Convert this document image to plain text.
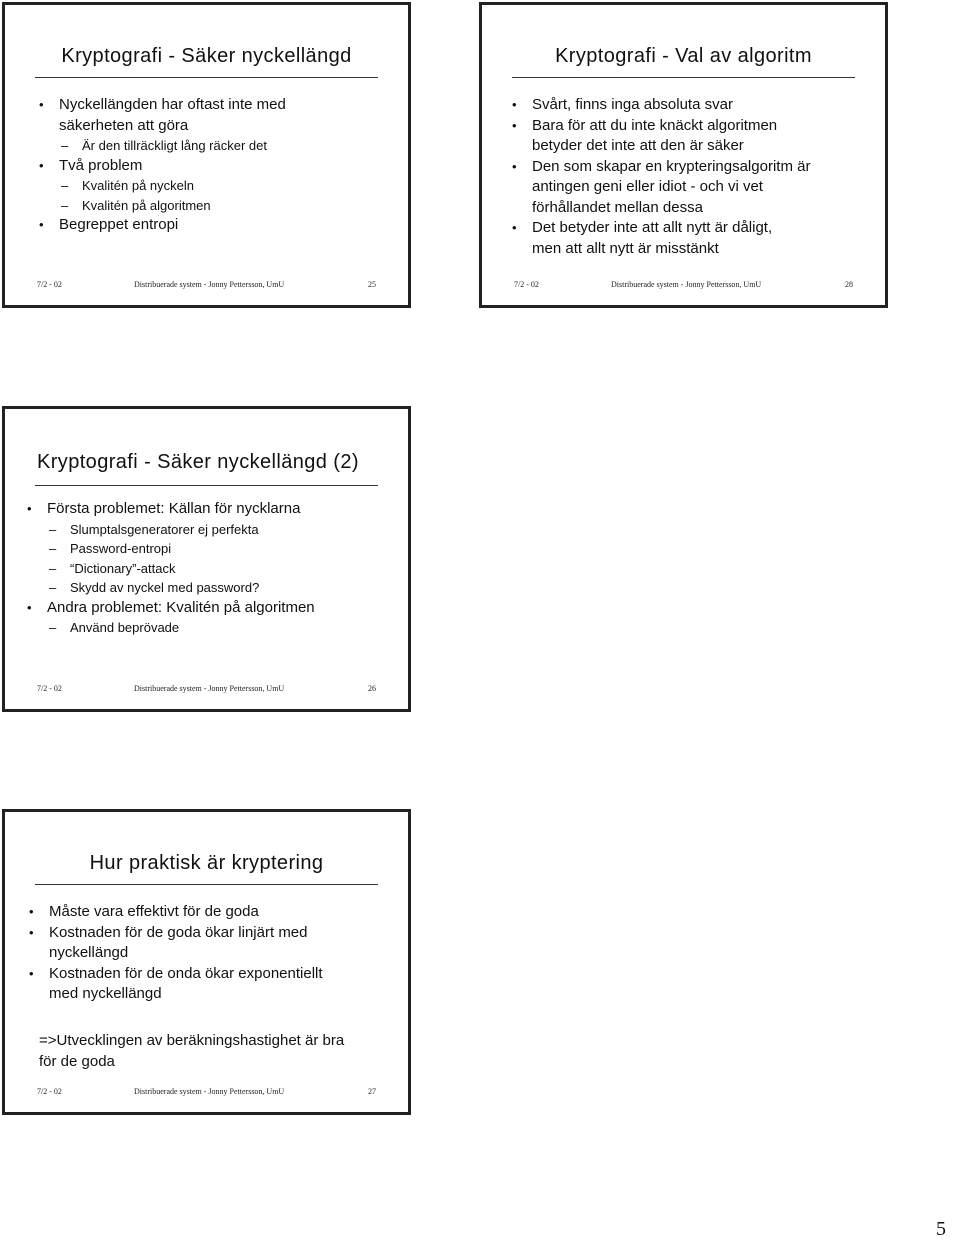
Kryptografi - Säker nyckellängd
• Nyckellängden har oftast inte med
säkerheten att göra
– Är den tillräckligt lång räcker det
• Två problem
– Kvalitén på nyckeln
– Kvalitén på algoritmen
• Begreppet entropi
7/2 - 02	Distribuerade system - Jonny Pettersson, UmU	25
Kryptografi - Val av algoritm
• Svårt, finns inga absoluta svar
• Bara för att du inte knäckt algoritmen
betyder det inte att den är säker
• Den som skapar en krypteringsalgoritm är
antingen geni eller idiot - och vi vet
förhållandet mellan dessa
• Det betyder inte att allt nytt är dåligt,
men att allt nytt är misstänkt
7/2 - 02	Distribuerade system - Jonny Pettersson, UmU	28
Kryptografi - Säker nyckellängd (2)
• Första problemet: Källan för nycklarna
– Slumptalsgeneratorer ej perfekta
– Password-entropi
– “Dictionary”-attack
– Skydd av nyckel med password?
• Andra problemet: Kvalitén på algoritmen
– Använd beprövade
7/2 - 02	Distribuerade system - Jonny Pettersson, UmU	26
Hur praktisk är kryptering
• Måste vara effektivt för de goda
• Kostnaden för de goda ökar linjärt med
nyckellängd
• Kostnaden för de onda ökar exponentiellt
med nyckellängd
=>Utvecklingen av beräkningshastighet är bra
för de goda
7/2 - 02	Distribuerade system - Jonny Pettersson, UmU	27
5
